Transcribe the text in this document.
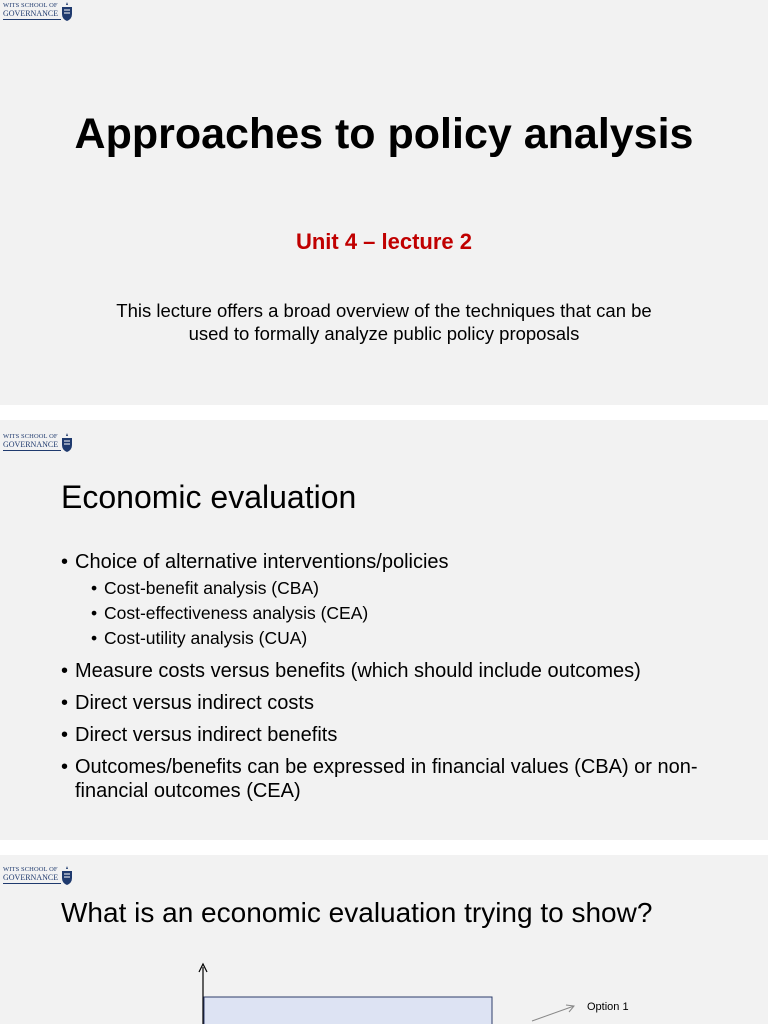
WITS SCHOOL OF
GOVERNANCE
Approaches to policy analysis
Unit 4 – lecture 2
This lecture offers a broad overview of the techniques that can be used to formally analyze public policy proposals
WITS SCHOOL OF
GOVERNANCE
Economic evaluation
• Choice of alternative interventions/policies
• Cost-benefit analysis (CBA)
• Cost-effectiveness analysis (CEA)
• Cost-utility analysis (CUA)
• Measure costs versus benefits (which should include outcomes)
• Direct versus indirect costs
• Direct versus indirect benefits
• Outcomes/benefits can be expressed in financial values (CBA) or non-financial outcomes (CEA)
WITS SCHOOL OF
GOVERNANCE
What is an economic evaluation trying to show?
Option 1
